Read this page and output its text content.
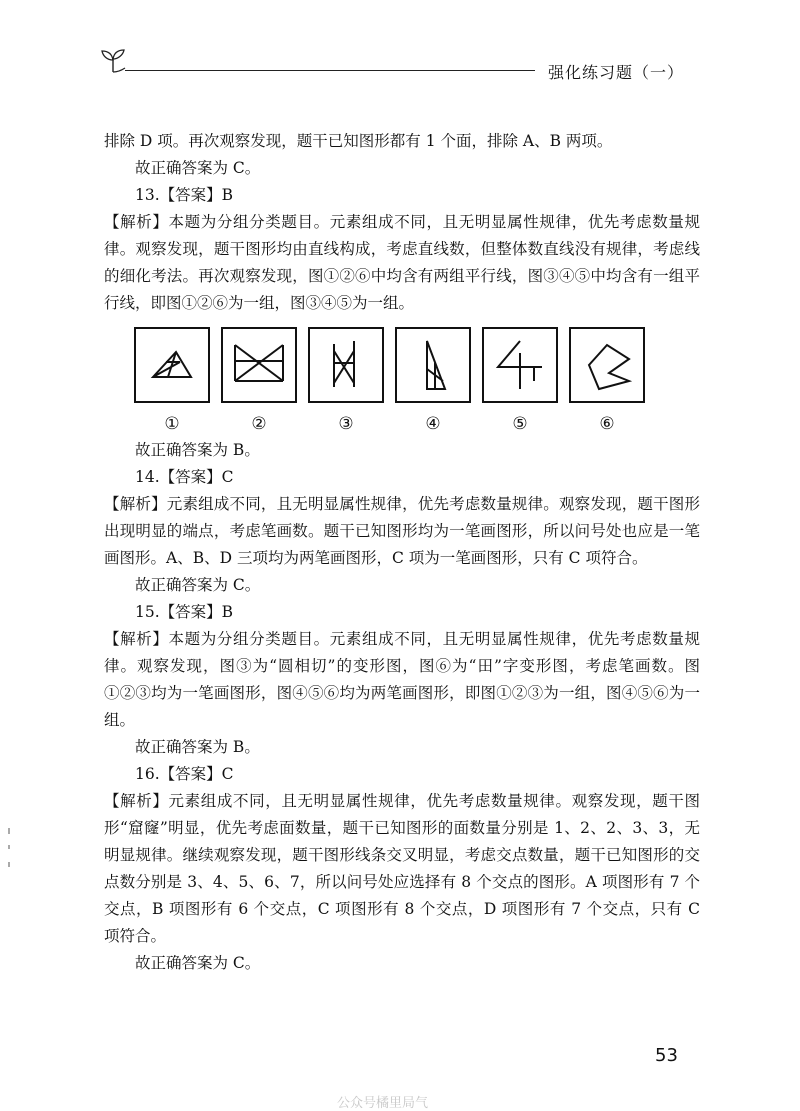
强化练习题（一）

排除 D 项。再次观察发现，题干已知图形都有 1 个面，排除 A、B 两项。

故正确答案为 C。

13.【答案】B

【解析】本题为分组分类题目。元素组成不同，且无明显属性规律，优先考虑数量规律。观察发现，题干图形均由直线构成，考虑直线数，但整体数直线没有规律，考虑线的细化考法。再次观察发现，图①②⑥中均含有两组平行线，图③④⑤中均含有一组平行线，即图①②⑥为一组，图③④⑤为一组。

①	②	③	④	⑤	⑥

故正确答案为 B。

14.【答案】C

【解析】元素组成不同，且无明显属性规律，优先考虑数量规律。观察发现，题干图形出现明显的端点，考虑笔画数。题干已知图形均为一笔画图形，所以问号处也应是一笔画图形。A、B、D 三项均为两笔画图形，C 项为一笔画图形，只有 C 项符合。

故正确答案为 C。

15.【答案】B

【解析】本题为分组分类题目。元素组成不同，且无明显属性规律，优先考虑数量规律。观察发现，图③为“圆相切”的变形图，图⑥为“田”字变形图，考虑笔画数。图①②③均为一笔画图形，图④⑤⑥均为两笔画图形，即图①②③为一组，图④⑤⑥为一组。

故正确答案为 B。

16.【答案】C

【解析】元素组成不同，且无明显属性规律，优先考虑数量规律。观察发现，题干图形“窟窿”明显，优先考虑面数量，题干已知图形的面数量分别是 1、2、2、3、3，无明显规律。继续观察发现，题干图形线条交叉明显，考虑交点数量，题干已知图形的交点数分别是 3、4、5、6、7，所以问号处应选择有 8 个交点的图形。A 项图形有 7 个交点，B 项图形有 6 个交点，C 项图形有 8 个交点，D 项图形有 7 个交点，只有 C 项符合。

故正确答案为 C。

53
公众号橘里局气
